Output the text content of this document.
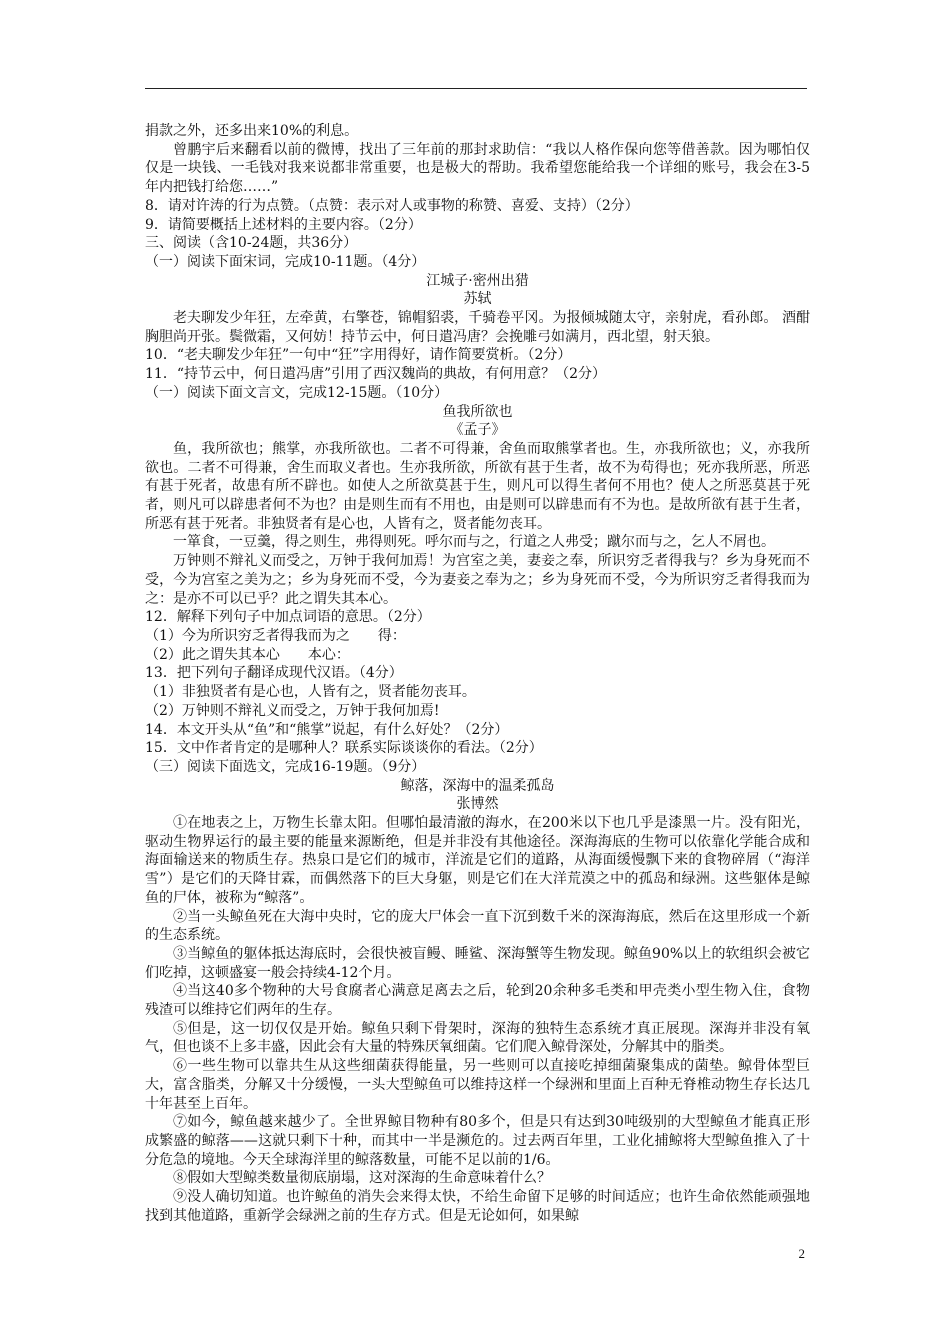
捐款之外，还多出来10%的利息。

曾鹏宇后来翻看以前的微博，找出了三年前的那封求助信：“我以人格作保向您等借善款。因为哪怕仅仅是一块钱、一毛钱对我来说都非常重要，也是极大的帮助。我希望您能给我一个详细的账号，我会在3-5年内把钱打给您……”

8．请对许涛的行为点赞。（点赞：表示对人或事物的称赞、喜爱、支持）（2分）

9．请简要概括上述材料的主要内容。（2分）

三、阅读（含10-24题，共36分）

（一）阅读下面宋词，完成10-11题。（4分）

江城子·密州出猎

苏轼

老夫聊发少年狂，左牵黄，右擎苍，锦帽貂裘，千骑卷平冈。为报倾城随太守，亲射虎，看孙郎。 酒酣胸胆尚开张。鬓微霜，又何妨！持节云中，何日遣冯唐？会挽雕弓如满月，西北望，射天狼。

10．“老夫聊发少年狂”一句中“狂”字用得好，请作简要赏析。（2分）

11．“持节云中，何日遣冯唐”引用了西汉魏尚的典故，有何用意？（2分）

（一）阅读下面文言文，完成12-15题。（10分）

鱼我所欲也

《孟子》

鱼，我所欲也；熊掌，亦我所欲也。二者不可得兼，舍鱼而取熊掌者也。生，亦我所欲也；义，亦我所欲也。二者不可得兼，舍生而取义者也。生亦我所欲，所欲有甚于生者，故不为苟得也；死亦我所恶，所恶有甚于死者，故患有所不辟也。如使人之所欲莫甚于生，则凡可以得生者何不用也？使人之所恶莫甚于死者，则凡可以辟患者何不为也？由是则生而有不用也，由是则可以辟患而有不为也。是故所欲有甚于生者，所恶有甚于死者。非独贤者有是心也，人皆有之，贤者能勿丧耳。

一箪食，一豆羹，得之则生，弗得则死。呼尔而与之，行道之人弗受；蹴尔而与之，乞人不屑也。

万钟则不辩礼义而受之，万钟于我何加焉！为宫室之美，妻妾之奉，所识穷乏者得我与？乡为身死而不受，今为宫室之美为之；乡为身死而不受，今为妻妾之奉为之；乡为身死而不受，今为所识穷乏者得我而为之：是亦不可以已乎？此之谓失其本心。

12．解释下列句子中加点词语的意思。（2分）

（1）今为所识穷乏者得我而为之　　得：

（2）此之谓失其本心　　本心：

13．把下列句子翻译成现代汉语。（4分）

（1）非独贤者有是心也，人皆有之，贤者能勿丧耳。

（2）万钟则不辩礼义而受之，万钟于我何加焉!

14．本文开头从“鱼”和“熊掌”说起，有什么好处？（2分）

15．文中作者肯定的是哪种人？联系实际谈谈你的看法。（2分）

（三）阅读下面选文，完成16-19题。（9分）

鲸落，深海中的温柔孤岛

张博然

①在地表之上，万物生长靠太阳。但哪怕最清澈的海水，在200米以下也几乎是漆黑一片。没有阳光，驱动生物界运行的最主要的能量来源断绝，但是并非没有其他途径。深海海底的生物可以依靠化学能合成和海面输送来的物质生存。热泉口是它们的城市，洋流是它们的道路，从海面缓慢飘下来的食物碎屑（“海洋雪”）是它们的天降甘霖，而偶然落下的巨大身躯，则是它们在大洋荒漠之中的孤岛和绿洲。这些躯体是鲸鱼的尸体，被称为“鲸落”。

②当一头鲸鱼死在大海中央时，它的庞大尸体会一直下沉到数千米的深海海底，然后在这里形成一个新的生态系统。

③当鲸鱼的躯体抵达海底时，会很快被盲鳗、睡鲨、深海蟹等生物发现。鲸鱼90%以上的软组织会被它们吃掉，这顿盛宴一般会持续4-12个月。

④当这40多个物种的大号食腐者心满意足离去之后，轮到20余种多毛类和甲壳类小型生物入住，食物残渣可以维持它们两年的生存。

⑤但是，这一切仅仅是开始。鲸鱼只剩下骨架时，深海的独特生态系统才真正展现。深海并非没有氧气，但也谈不上多丰盛，因此会有大量的特殊厌氧细菌。它们爬入鲸骨深处，分解其中的脂类。

⑥一些生物可以靠共生从这些细菌获得能量，另一些则可以直接吃掉细菌聚集成的菌垫。鲸骨体型巨大，富含脂类，分解又十分缓慢，一头大型鲸鱼可以维持这样一个绿洲和里面上百种无脊椎动物生存长达几十年甚至上百年。

⑦如今，鲸鱼越来越少了。全世界鲸目物种有80多个，但是只有达到30吨级别的大型鲸鱼才能真正形成繁盛的鲸落——这就只剩下十种，而其中一半是濒危的。过去两百年里，工业化捕鲸将大型鲸鱼推入了十分危急的境地。今天全球海洋里的鲸落数量，可能不足以前的1/6。

⑧假如大型鲸类数量彻底崩塌，这对深海的生命意味着什么？

⑨没人确切知道。也许鲸鱼的消失会来得太快，不给生命留下足够的时间适应；也许生命依然能顽强地找到其他道路，重新学会绿洲之前的生存方式。但是无论如何，如果鲸

2
